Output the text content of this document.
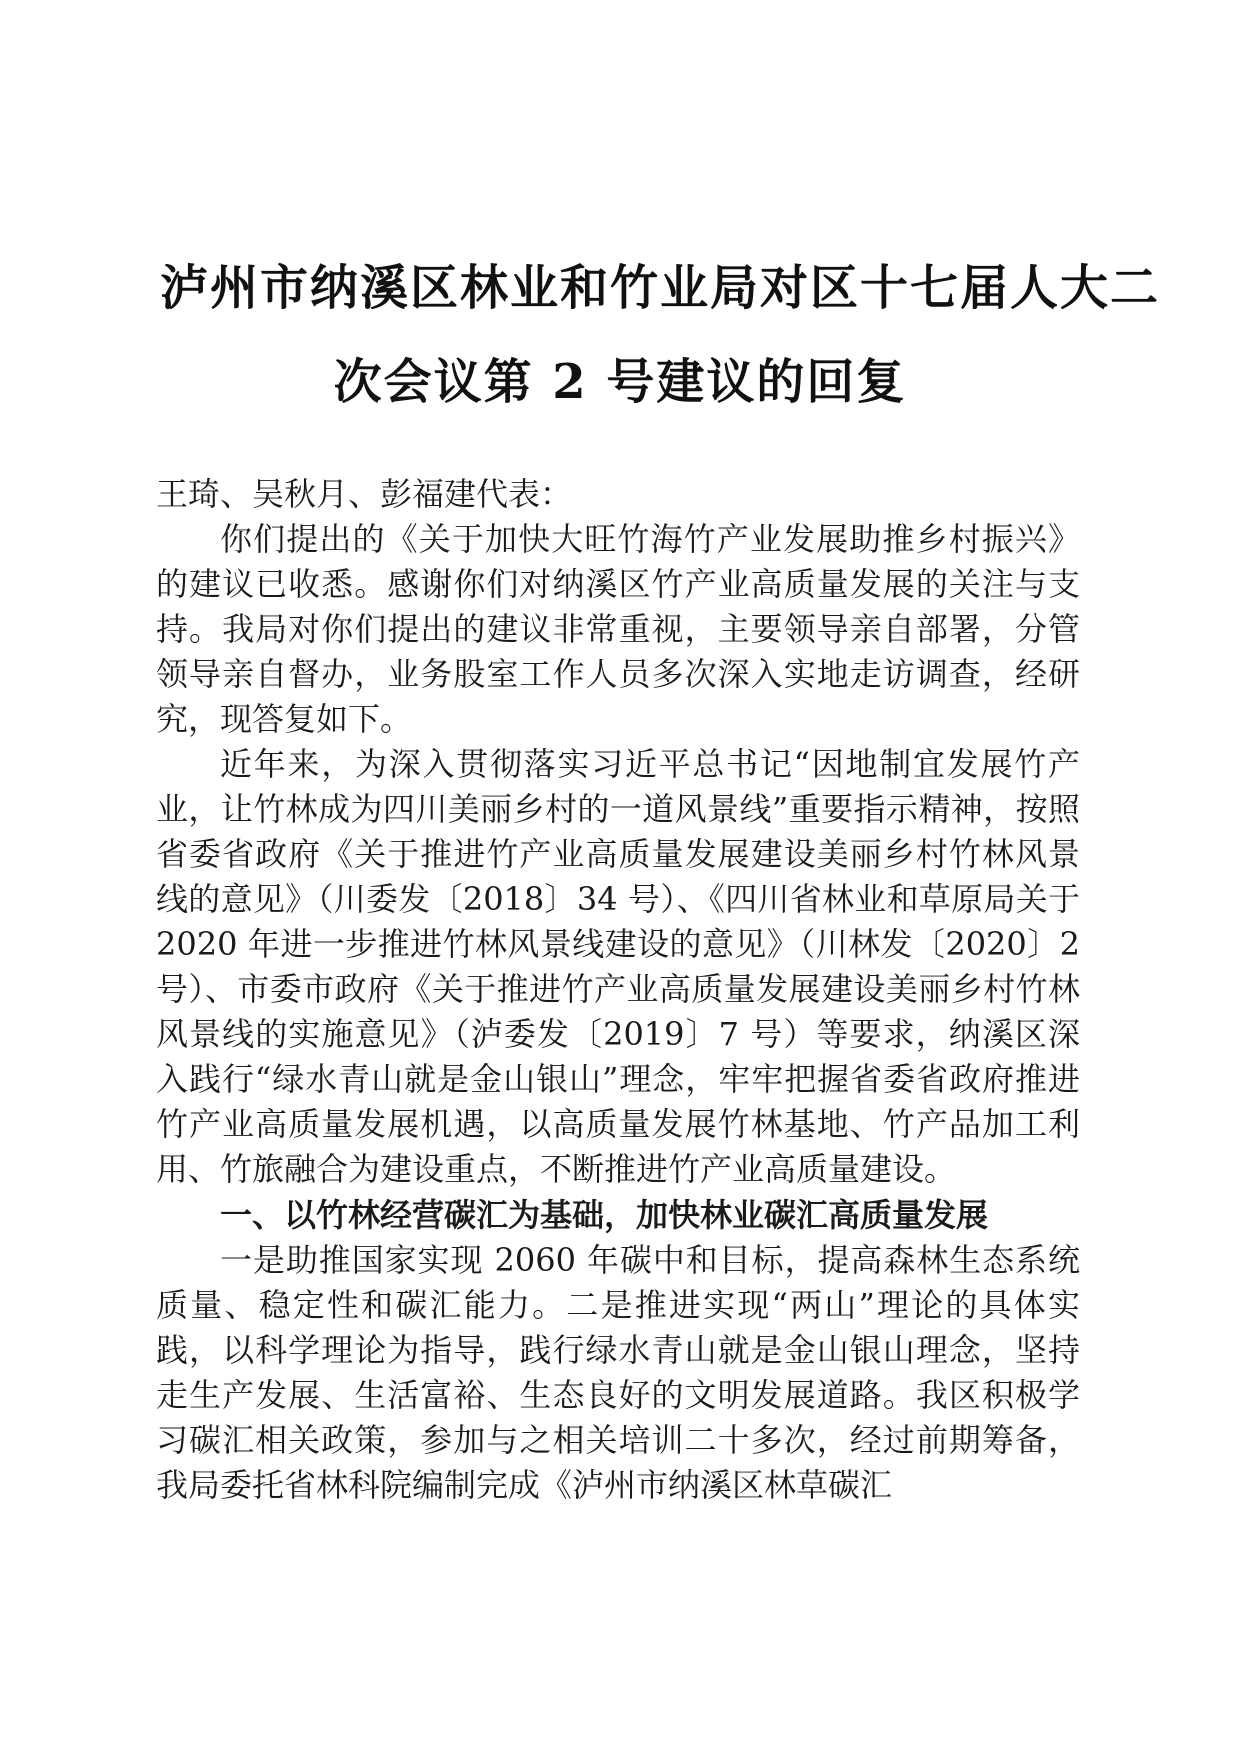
泸州市纳溪区林业和竹业局对区十七届人大二
次会议第 2 号建议的回复

王琦、吴秋月、彭福建代表：

你们提出的《关于加快大旺竹海竹产业发展助推乡村振兴》的建议已收悉。感谢你们对纳溪区竹产业高质量发展的关注与支持。我局对你们提出的建议非常重视，主要领导亲自部署，分管领导亲自督办，业务股室工作人员多次深入实地走访调查，经研究，现答复如下。

近年来，为深入贯彻落实习近平总书记“因地制宜发展竹产业，让竹林成为四川美丽乡村的一道风景线”重要指示精神，按照省委省政府《关于推进竹产业高质量发展建设美丽乡村竹林风景线的意见》（川委发〔2018〕34 号）、《四川省林业和草原局关于 2020 年进一步推进竹林风景线建设的意见》（川林发〔2020〕2 号）、市委市政府《关于推进竹产业高质量发展建设美丽乡村竹林风景线的实施意见》（泸委发〔2019〕7 号）等要求，纳溪区深入践行“绿水青山就是金山银山”理念，牢牢把握省委省政府推进竹产业高质量发展机遇，以高质量发展竹林基地、竹产品加工利用、竹旅融合为建设重点，不断推进竹产业高质量建设。

一、以竹林经营碳汇为基础，加快林业碳汇高质量发展

一是助推国家实现 2060 年碳中和目标，提高森林生态系统质量、稳定性和碳汇能力。二是推进实现“两山”理论的具体实践，以科学理论为指导，践行绿水青山就是金山银山理念，坚持走生产发展、生活富裕、生态良好的文明发展道路。我区积极学习碳汇相关政策，参加与之相关培训二十多次，经过前期筹备，我局委托省林科院编制完成《泸州市纳溪区林草碳汇
